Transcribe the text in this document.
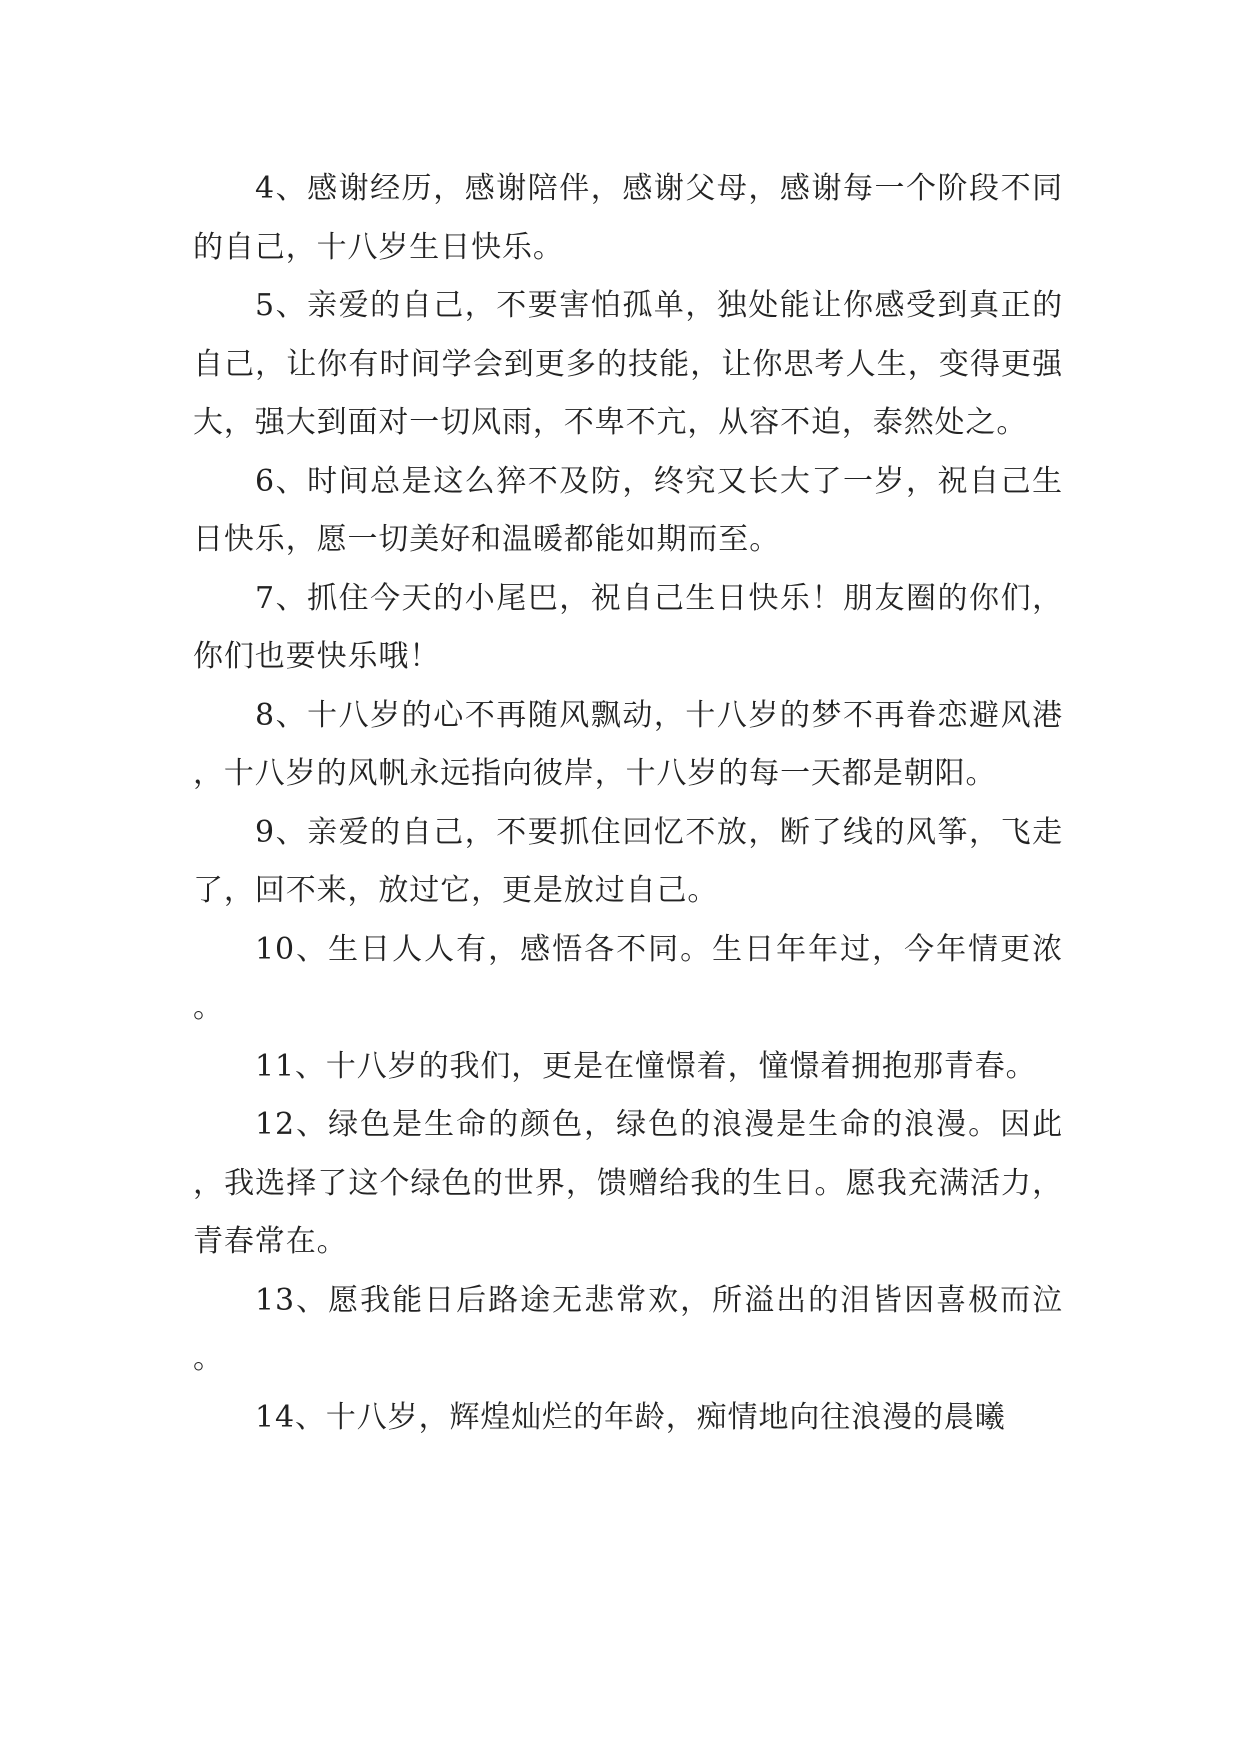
4、感谢经历，感谢陪伴，感谢父母，感谢每一个阶段不同的自己，十八岁生日快乐。

5、亲爱的自己，不要害怕孤单，独处能让你感受到真正的自己，让你有时间学会到更多的技能，让你思考人生，变得更强大，强大到面对一切风雨，不卑不亢，从容不迫，泰然处之。

6、时间总是这么猝不及防，终究又长大了一岁，祝自己生日快乐，愿一切美好和温暖都能如期而至。

7、抓住今天的小尾巴，祝自己生日快乐！朋友圈的你们，你们也要快乐哦！

8、十八岁的心不再随风飘动，十八岁的梦不再眷恋避风港，十八岁的风帆永远指向彼岸，十八岁的每一天都是朝阳。

9、亲爱的自己，不要抓住回忆不放，断了线的风筝，飞走了，回不来，放过它，更是放过自己。

10、生日人人有，感悟各不同。生日年年过，今年情更浓。

11、十八岁的我们，更是在憧憬着，憧憬着拥抱那青春。

12、绿色是生命的颜色，绿色的浪漫是生命的浪漫。因此，我选择了这个绿色的世界，馈赠给我的生日。愿我充满活力，青春常在。

13、愿我能日后路途无悲常欢，所溢出的泪皆因喜极而泣。

14、十八岁，辉煌灿烂的年龄，痴情地向往浪漫的晨曦
